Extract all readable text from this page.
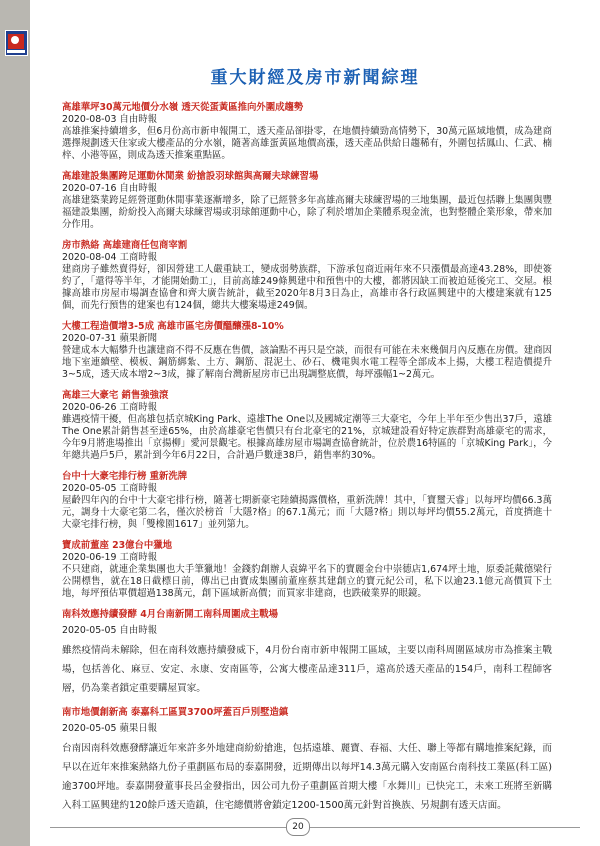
重大財經及房市新聞綜理
高雄華坪30萬元地價分水嶺 透天從蛋黃區推向外圍成趨勢
2020-08-03 自由時報
高雄推案持續增多，但6月份高市新申報開工，透天產品卻掛零，在地價持續勁高情勢下，30萬元區域地價，成為建商選擇規劃透天住家或大樓產品的分水嶺，隨著高雄蛋黃區地價高漲，透天產品供給日趨稀有，外圍包括鳳山、仁武、楠梓、小港等區，則成為透天推案重點區。
高雄建設集團跨足運動休閒業 紛搶設羽球館與高爾夫球練習場
2020-07-16 自由時報
高雄建築業跨足經營運動休閒事業逐漸增多，除了已經營多年高雄高爾夫球練習場的三地集團，最近包括聯上集團與豐福建設集團，紛紛投入高爾夫球練習場或羽球館運動中心，除了利於增加企業體系現金流，也對整體企業形象，帶來加分作用。
房市熱絡 高雄建商任包商宰割
2020-08-04 工商時報
建商房子雖然賣得好，卻因營建工人嚴重缺工，變成弱勢族群，下游承包商近兩年來不只漲價最高達43.28%，即使簽約了，「還得等半年，才能開始動工」，目前高雄249條興建中和預售中的大樓，都將因缺工而被迫延後完工、交屋。根據高雄市房屋市場調查協會和齊大廣告統計，截至2020年8月3日為止，高雄市各行政區興建中的大樓建案就有125個，而先行預售的建案也有124個，總共大樓案場達249個。
大樓工程造價增3-5成 高雄市區宅房價醞釀漲8-10%
2020-07-31 蘋果新聞
營建成本大幅攀升也讓建商不得不反應在售價，該論點不再只是空談，而很有可能在未來幾個月內反應在房價。建商因地下室連續壁、模板、鋼筋綁紮、土方、鋼筋、混泥土、砂石、機電與水電工程等全部成本上揚，大樓工程造價提升3~5成，透天成本增2~3成，據了解南台灣新屋房市已出現調整底價，每坪漲幅1~2萬元。
高雄三大豪宅 銷售強強滾
2020-06-26 工商時報
雖遇疫情干擾，但高雄包括京城King Park、遠雄The One以及國城定潮等三大豪宅，今年上半年至少售出37戶，遠雄The One累計銷售甚至達65%，由於高雄豪宅售價只有台北豪宅的21%，京城建設看好特定族群對高雄豪宅的需求，今年9月將進場推出「京揚柳」愛河景觀宅。根據高雄房屋市場調查協會統計，位於農16特區的「京城King Park」，今年總共過戶5戶，累計到今年6月22日，合計過戶數達38戶，銷售率約30%。
台中十大豪宅排行榜 重新洗牌
2020-05-05 工商時報
屋齡四年內的台中十大豪宅排行榜，隨著七期新豪宅陸續揭露價格，重新洗牌！其中，「寶璽天睿」以每坪均價66.3萬元，調身十大豪宅第二名，僅次於榜首「大隱?格」的67.1萬元；而「大隱?格」則以每坪均價55.2萬元，首度擠進十大豪宅排行榜，與「雙橡園1617」並列第九。
寶成前董座 23億台中獵地
2020-06-19 工商時報
不只建商，就連企業集團也大手筆獵地！金錢豹創辦人袁緯平名下的寶麗金台中崇德店1,674坪土地，原委託戴德梁行公開標售，就在18日截標日前，傳出已由寶成集團前董座蔡其建創立的寶元紀公司，私下以逾23.1億元高價買下土地，每坪預估單價超過138萬元，創下區域新高價；而買家非建商，也跌破業界的眼鏡。
南科效應持續發酵 4月台南新開工南科周圍成主戰場
2020-05-05 自由時報
雖然疫情尚未解除，但在南科效應持續發威下，4月份台南市新申報開工區域，主要以南科周圍區域房市為推案主戰場，包括善化、麻豆、安定、永康、安南區等，公寓大樓產品達311戶，遠高於透天產品的154戶，南科工程師客層，仍為業者鎖定重要購屋買家。
南市地價創新高 泰嘉科工區買3700坪蓋百戶別墅造鎮
2020-05-05 蘋果日報
台南因南科效應發酵讓近年來許多外地建商紛紛搶進，包括遠雄、麗寶、春福、大任、聯上等都有購地推案紀錄，而早以在近年來推案熱絡九份子重劃區布局的泰嘉開發，近期傳出以每坪14.3萬元購入安南區台南科技工業區(科工區)逾3700坪地。泰嘉開發董事長呂金發指出，因公司九份子重劃區首期大樓「水舞川」已快完工，未來工班將至新購入科工區興建約120餘戶透天造鎮，住宅總價將會鎖定1200-1500萬元針對首換族、另規劃有透天店面。
20
